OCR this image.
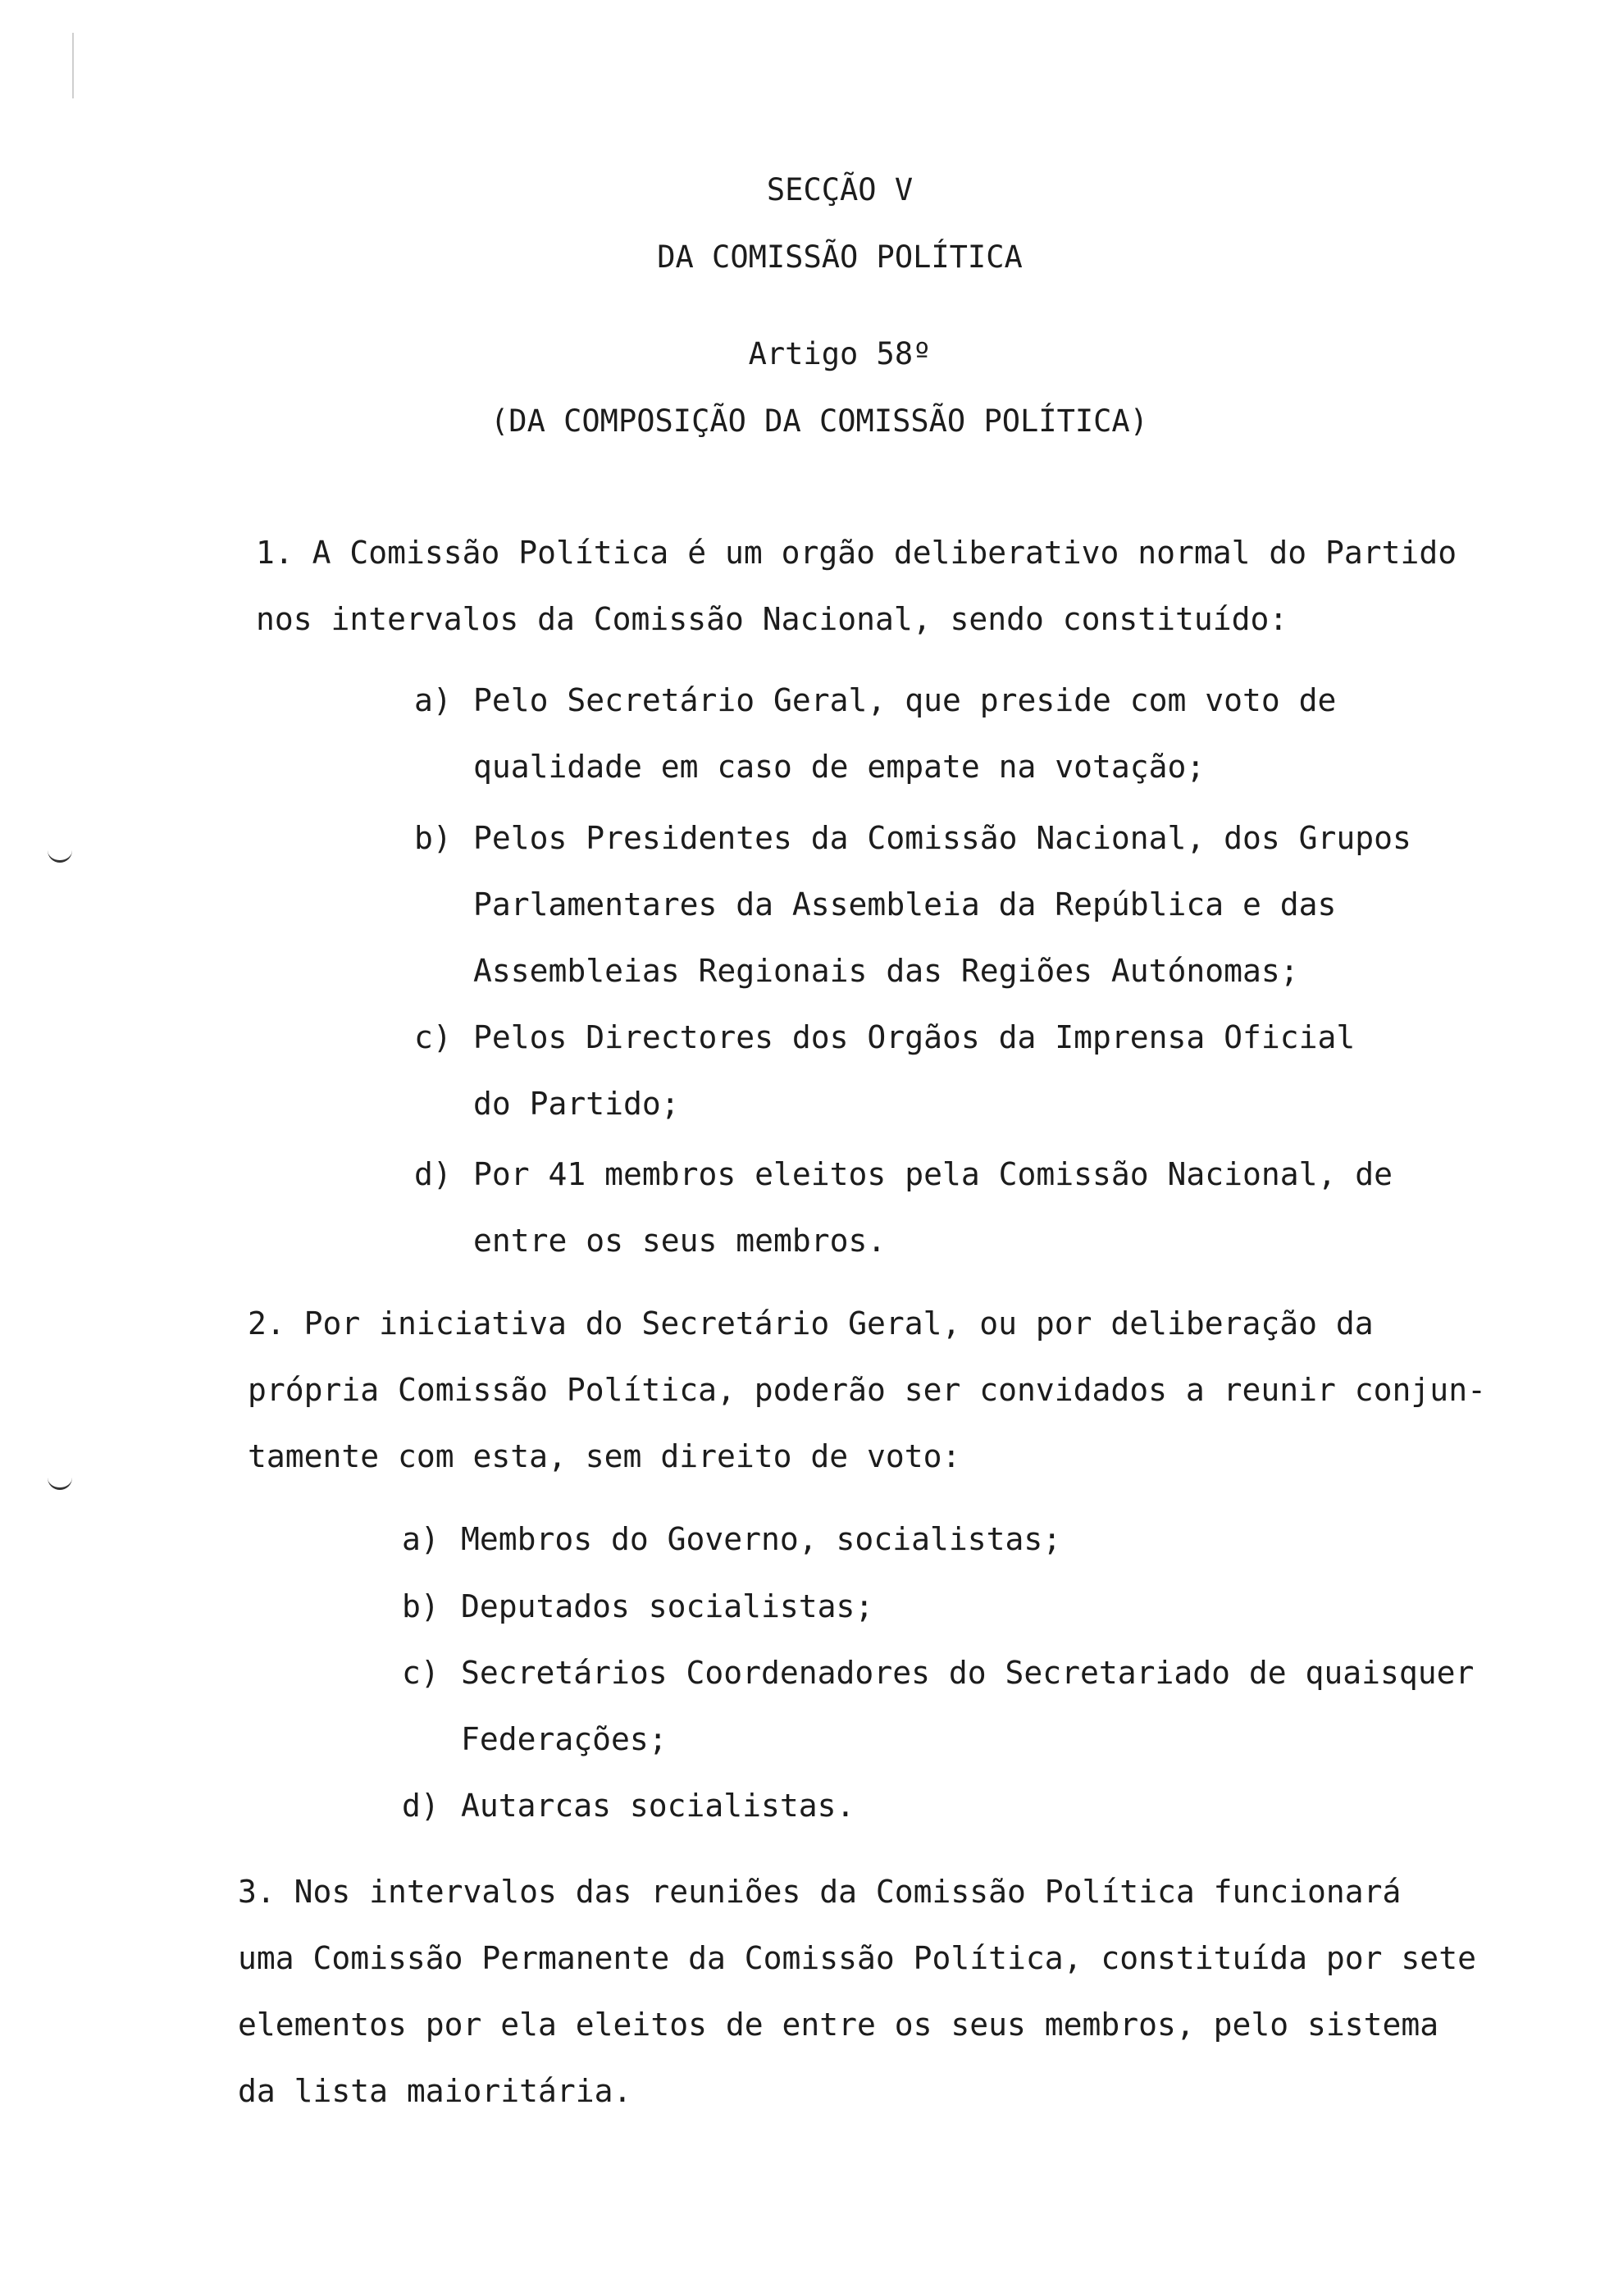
SECÇÃO V
DA COMISSÃO POLÍTICA
Artigo 58º
(DA COMPOSIÇÃO DA COMISSÃO POLÍTICA)
1. A Comissão Política é um orgão deliberativo normal do Partido
nos intervalos da Comissão Nacional, sendo constituído:
a) Pelo Secretário Geral, que preside com voto de
qualidade em caso de empate na votação;
b) Pelos Presidentes da Comissão Nacional, dos Grupos
Parlamentares da Assembleia da República e das
Assembleias Regionais das Regiões Autónomas;
c) Pelos Directores dos Orgãos da Imprensa Oficial
do Partido;
d) Por 41 membros eleitos pela Comissão Nacional, de
entre os seus membros.
2. Por iniciativa do Secretário Geral, ou por deliberação da
própria Comissão Política, poderão ser convidados a reunir conjun-
tamente com esta, sem direito de voto:
a) Membros do Governo, socialistas;
b) Deputados socialistas;
c) Secretários Coordenadores do Secretariado de quaisquer
Federações;
d) Autarcas socialistas.
3. Nos intervalos das reuniões da Comissão Política funcionará
uma Comissão Permanente da Comissão Política, constituída por sete
elementos por ela eleitos de entre os seus membros, pelo sistema
da lista maioritária.
